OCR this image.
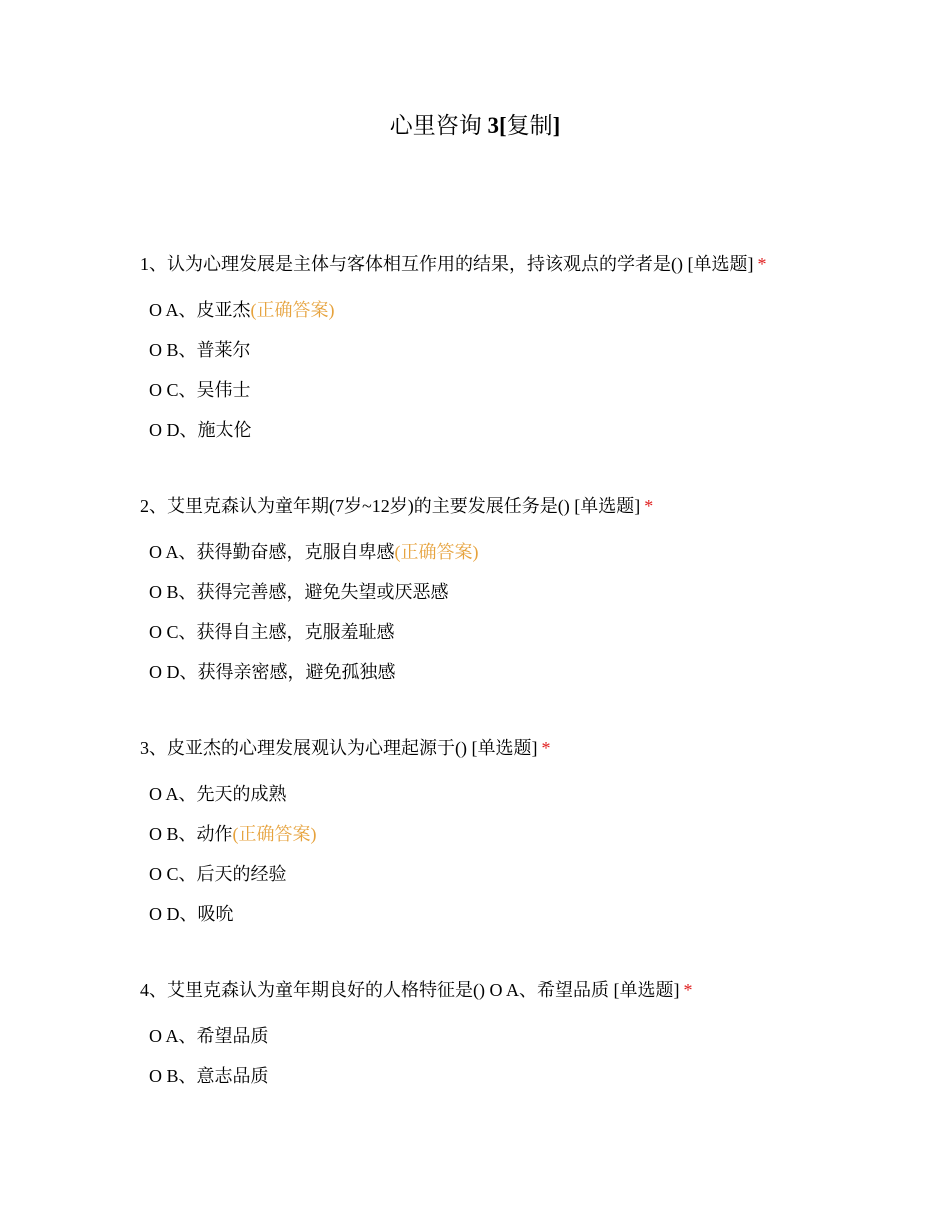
心里咨询 3[复制]
1、认为心理发展是主体与客体相互作用的结果，持该观点的学者是() [单选题] *
O A、皮亚杰(正确答案)
O B、普莱尔
O C、吴伟士
O D、施太伦
2、艾里克森认为童年期(7岁~12岁)的主要发展任务是() [单选题] *
O A、获得勤奋感，克服自卑感(正确答案)
O B、获得完善感，避免失望或厌恶感
O C、获得自主感，克服羞耻感
O D、获得亲密感，避免孤独感
3、皮亚杰的心理发展观认为心理起源于() [单选题] *
O A、先天的成熟
O B、动作(正确答案)
O C、后天的经验
O D、吸吮
4、艾里克森认为童年期良好的人格特征是() O A、希望品质 [单选题] *
O A、希望品质
O B、意志品质
